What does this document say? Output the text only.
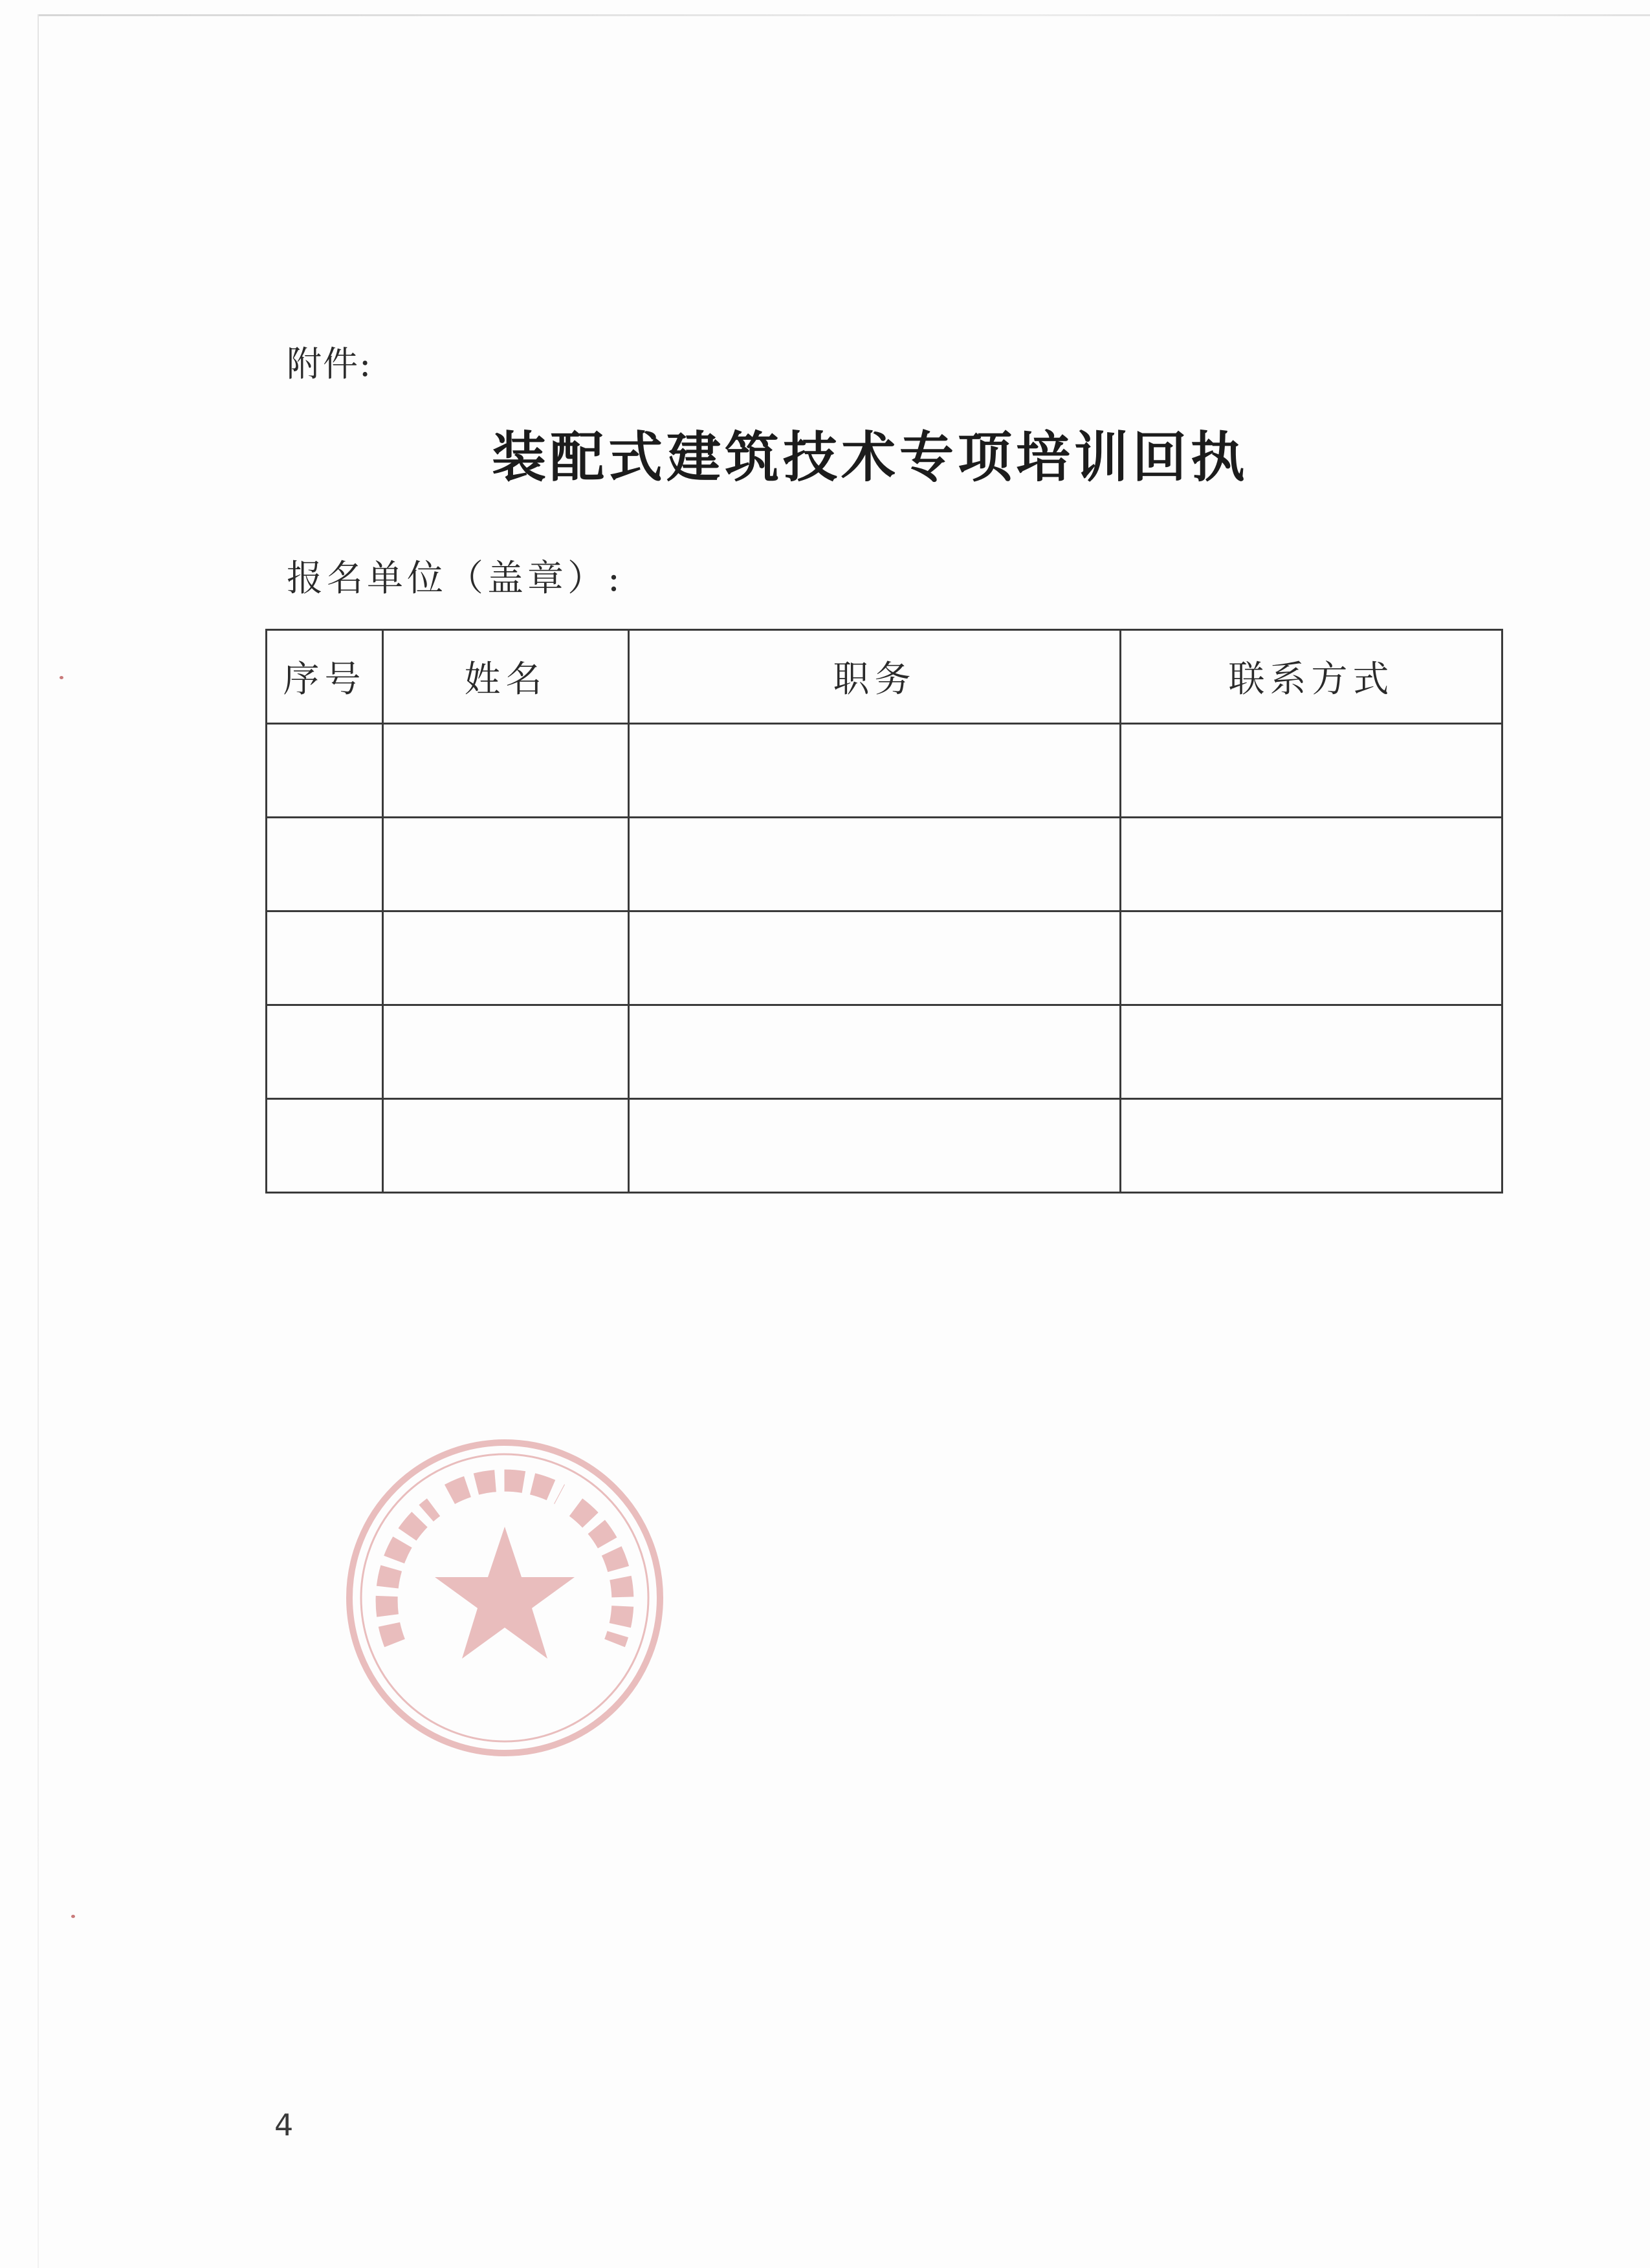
附件:
装配式建筑技术专项培训回执
报名单位（盖章）:
序号	姓名	职务	联系方式

4
